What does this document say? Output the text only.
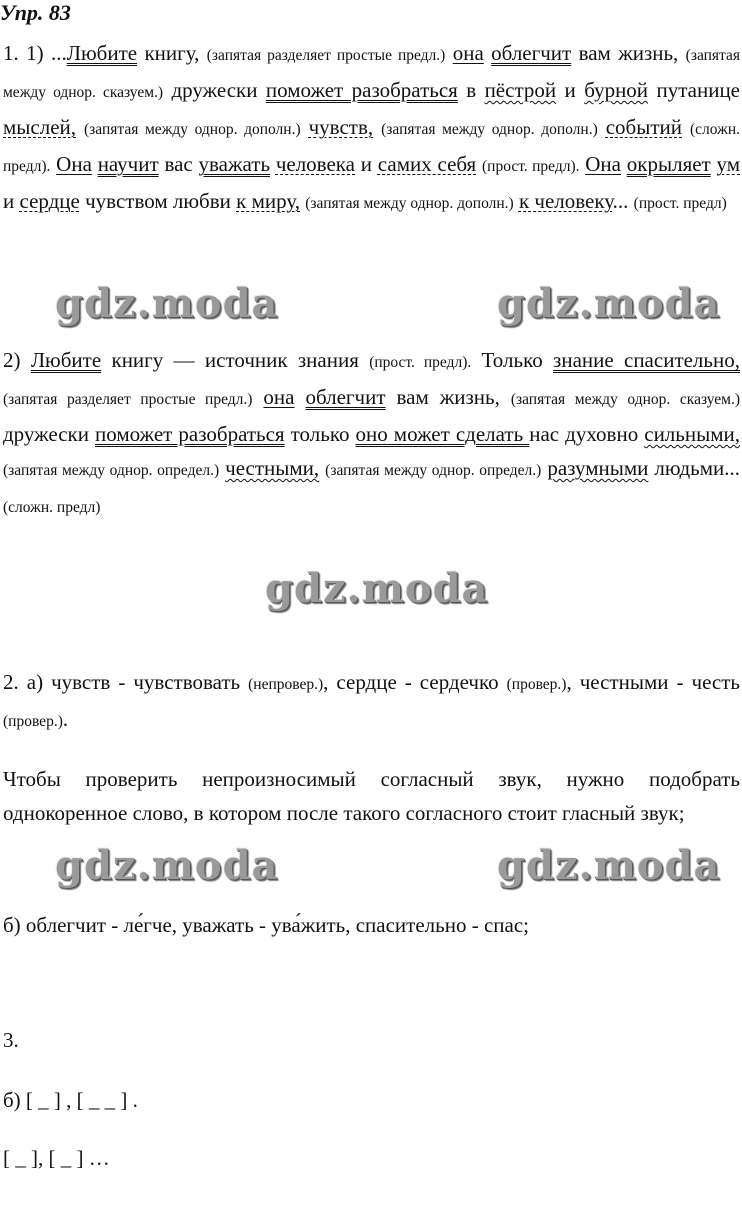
Упр. 83

1. 1) ...Любите книгу, (запятая разделяет простые предл.) она облегчит вам жизнь, (запятая между однор. сказуем.) дружески поможет разобраться в пёстрой и бурной путанице мыслей, (запятая между однор. дополн.) чувств, (запятая между однор. дополн.) событий (сложн. предл). Она научит вас уважать человека и самих себя (прост. предл). Она окрыляет ум и сердце чувством любви к миру, (запятая между однор. дополн.) к человеку... (прост. предл)

gdz.moda	gdz.moda

2) Любите книгу — источник знания (прост. предл). Только знание спасительно, (запятая разделяет простые предл.) она облегчит вам жизнь, (запятая между однор. сказуем.) дружески поможет разобраться только оно может сделать нас духовно сильными, (запятая между однор. определ.) честными, (запятая между однор. определ.) разумными людьми... (сложн. предл)

gdz.moda

2. а) чувств - чувствовать (непровер.), сердце - сердечко (провер.), честными - честь (провер.).

Чтобы проверить непроизносимый согласный звук, нужно подобрать однокоренное слово, в котором после такого согласного стоит гласный звук;

gdz.moda	gdz.moda
б) облегчит - ле́гче, уважать - ува́жить, спасительно - спас;
3.
б) [ _ ] , [ _ _ ] .
[ _ ], [ _ ] …
